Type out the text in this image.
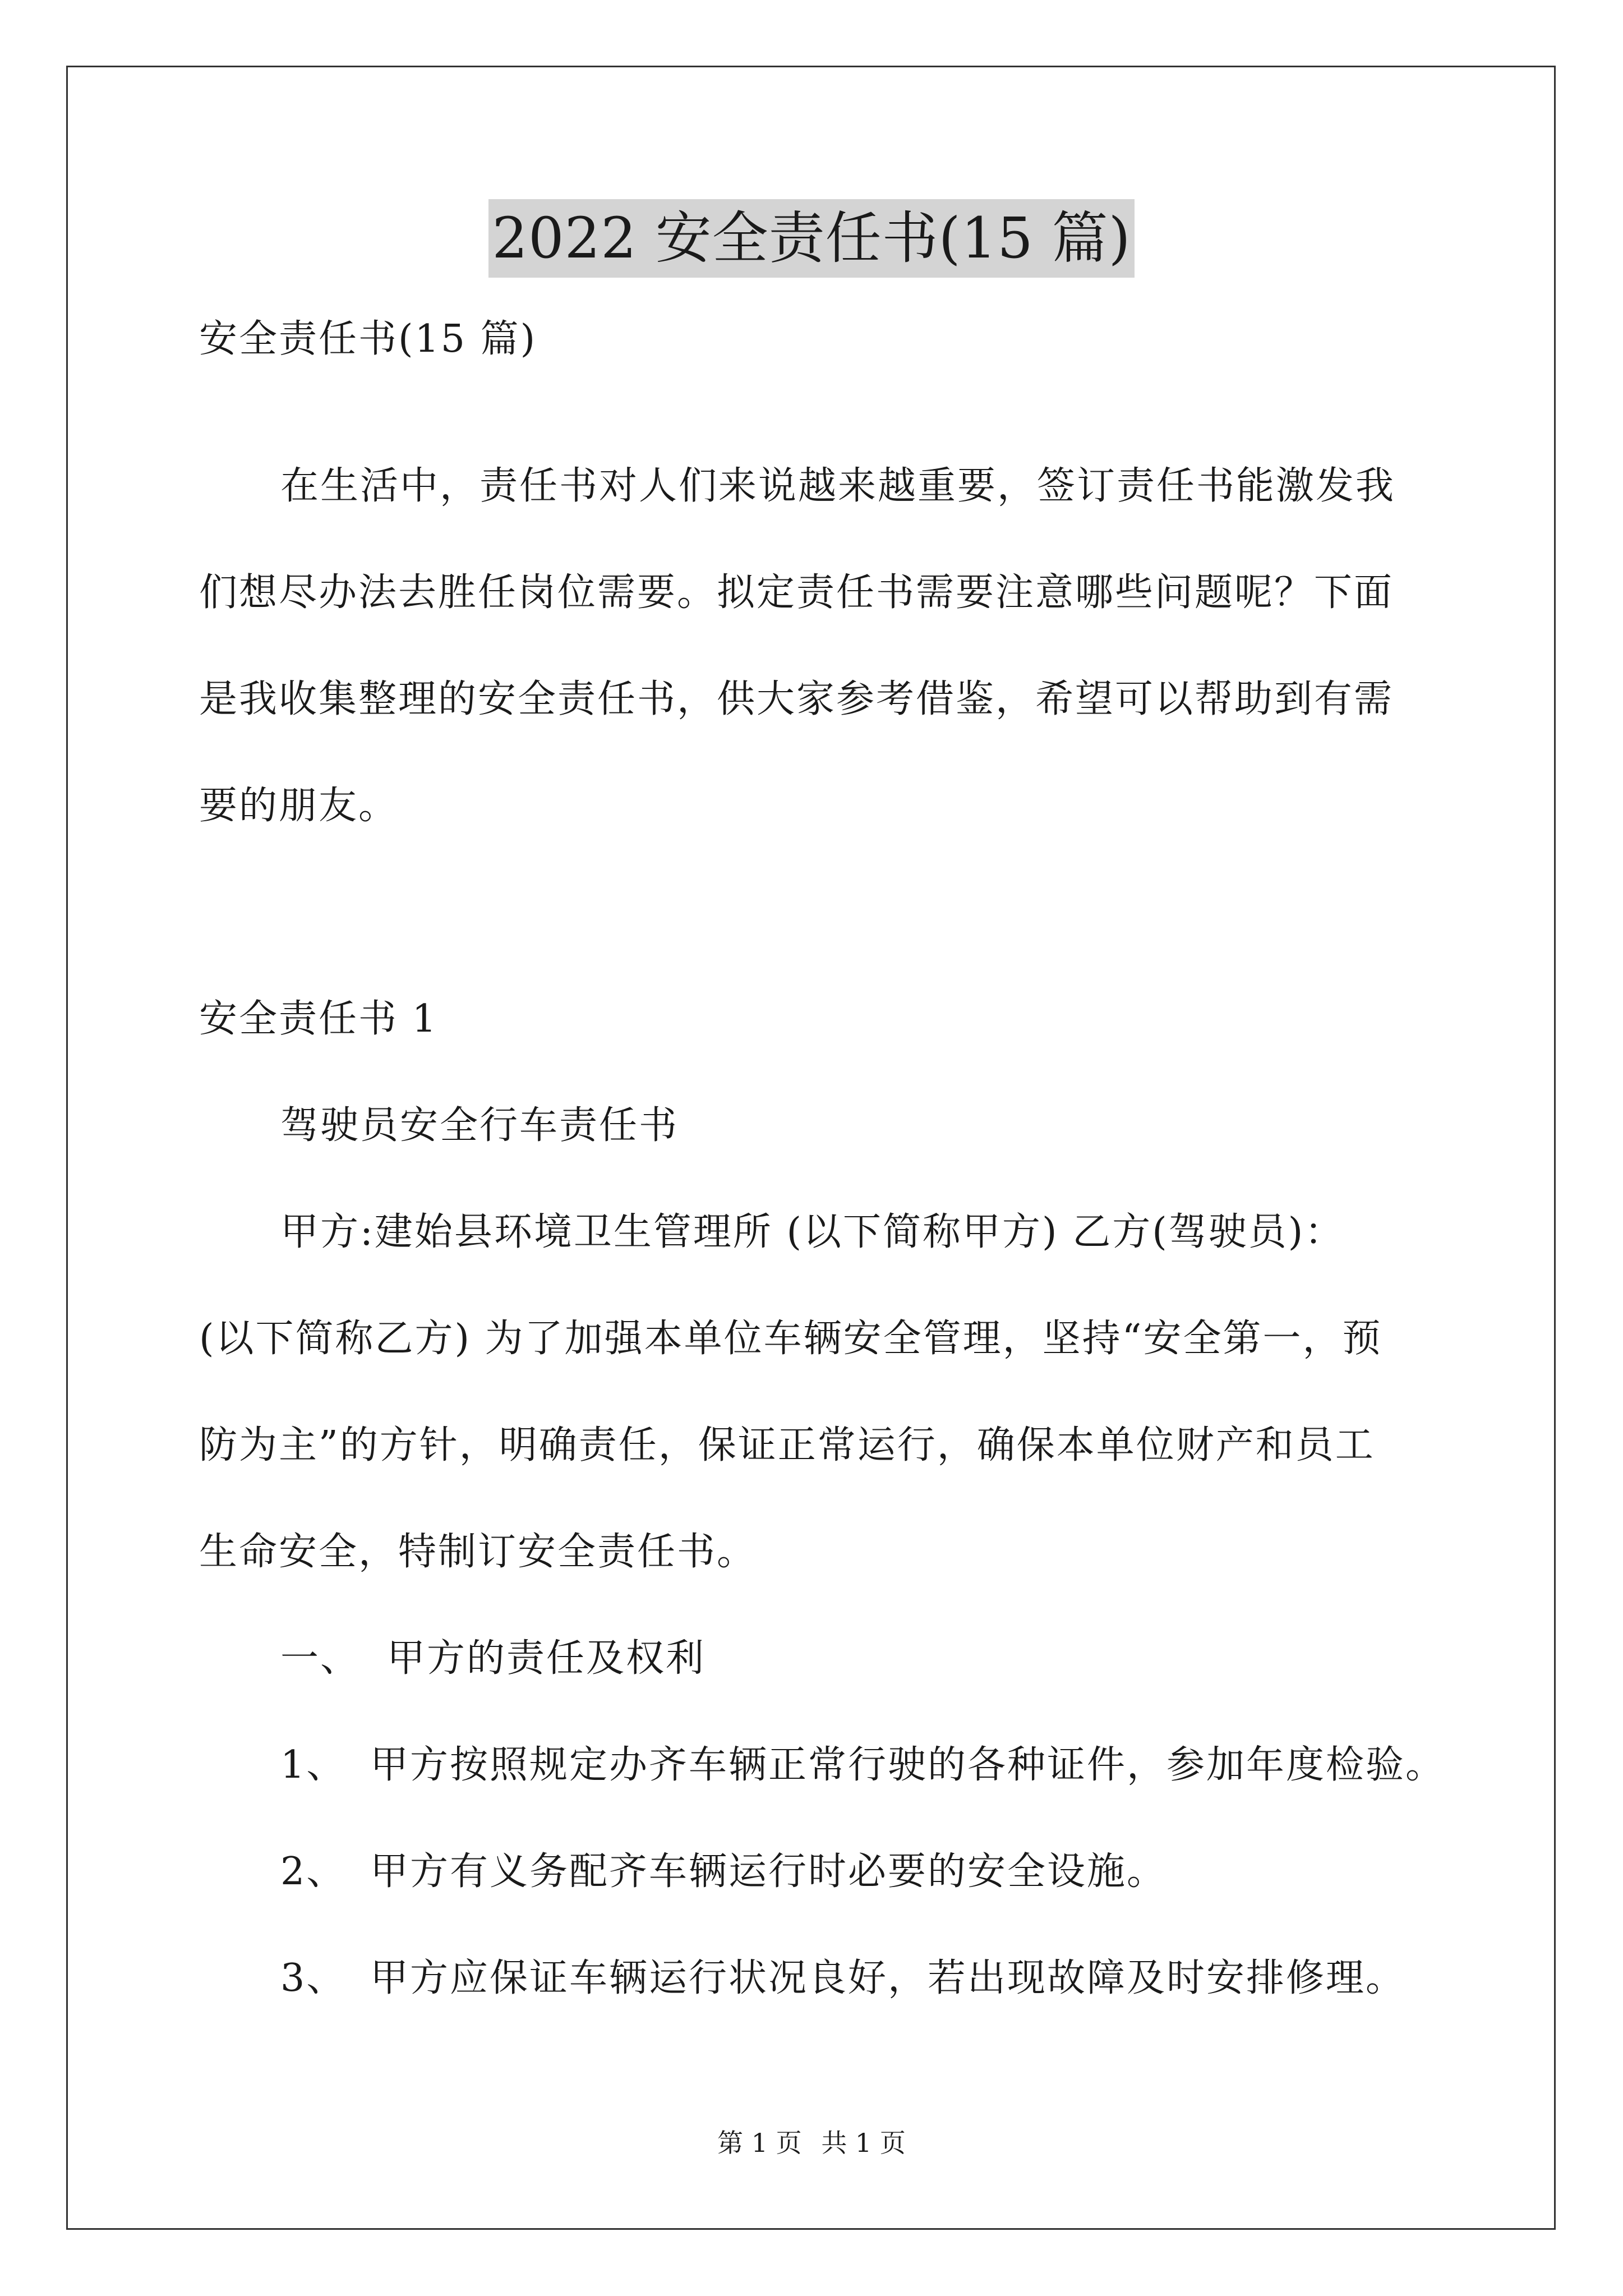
2022 安全责任书(15 篇)
安全责任书(15 篇)
在生活中，责任书对人们来说越来越重要，签订责任书能激发我
们想尽办法去胜任岗位需要。拟定责任书需要注意哪些问题呢？下面
是我收集整理的安全责任书，供大家参考借鉴，希望可以帮助到有需
要的朋友。
安全责任书 1
驾驶员安全行车责任书
甲方:建始县环境卫生管理所 (以下简称甲方) 乙方(驾驶员)：
(以下简称乙方) 为了加强本单位车辆安全管理，坚持“安全第一，预
防为主”的方针，明确责任，保证正常运行，确保本单位财产和员工
生命安全，特制订安全责任书。
一、 甲方的责任及权利
1、 甲方按照规定办齐车辆正常行驶的各种证件，参加年度检验。
2、 甲方有义务配齐车辆运行时必要的安全设施。
3、 甲方应保证车辆运行状况良好，若出现故障及时安排修理。
第 1 页 共 1 页
